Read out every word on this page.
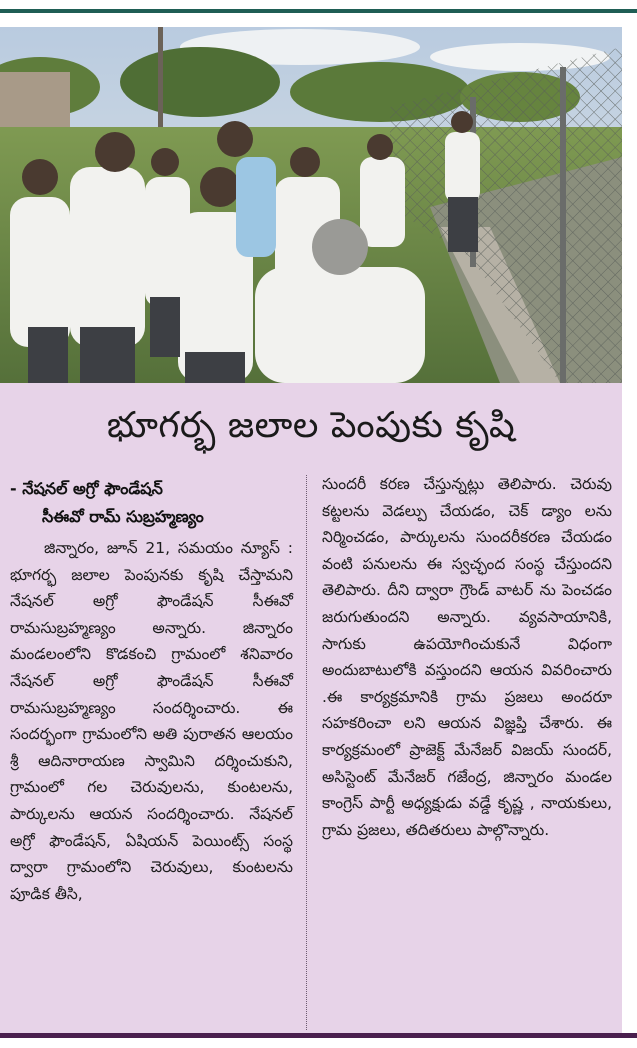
భూగర్భ జలాల పెంపుకు కృషి
- నేషనల్ అగ్రో ఫౌండేషన్
సీఈవో రామ్ సుబ్రహ్మణ్యం

జిన్నారం, జూన్ 21, సమయం న్యూస్ : భూగర్భ జలాల పెంపునకు కృషి చేస్తామని నేషనల్ అగ్రో ఫౌండేషన్ సీఈవో రామసుబ్రహ్మణ్యం అన్నారు. జిన్నారం మండలంలోని కొడకంచి గ్రామంలో శనివారం నేషనల్ అగ్రో ఫౌండేషన్ సీఈవో రామసుబ్రహ్మణ్యం సందర్శించారు. ఈ సందర్భంగా గ్రామంలోని అతి పురాతన ఆలయం శ్రీ ఆదినారాయణ స్వామిని దర్శించుకుని, గ్రామంలో గల చెరువులను, కుంటలను, పార్కులను ఆయన సందర్శించారు. నేషనల్ అగ్రో ఫౌండేషన్, ఏషియన్ పెయింట్స్ సంస్థ ద్వారా గ్రామంలోని చెరువులు, కుంటలను పూడిక తీసి,

సుందరీ కరణ చేస్తున్నట్లు తెలిపారు. చెరువు కట్టలను వెడల్పు చేయడం, చెక్ డ్యాం లను నిర్మించడం, పార్కులను సుందరీకరణ చేయడం వంటి పనులను ఈ స్వచ్ఛంద సంస్థ చేస్తుందని తెలిపారు. దీని ద్వారా గ్రౌండ్ వాటర్ ను పెంచడం జరుగుతుందని అన్నారు. వ్యవసాయానికి, సాగుకు ఉపయోగించుకునే విధంగా అందుబాటులోకి వస్తుందని ఆయన వివరించారు .ఈ కార్యక్రమానికి గ్రామ ప్రజలు అందరూ సహకరించా లని ఆయన విజ్ఞప్తి చేశారు. ఈ కార్యక్రమంలో ప్రాజెక్ట్ మేనేజర్ విజయ్ సుందర్, అసిస్టెంట్ మేనేజర్ గజేంద్ర, జిన్నారం మండల కాంగ్రెస్ పార్టీ అధ్యక్షుడు వడ్డే కృష్ణ , నాయకులు, గ్రామ ప్రజలు, తదితరులు పాల్గొన్నారు.
